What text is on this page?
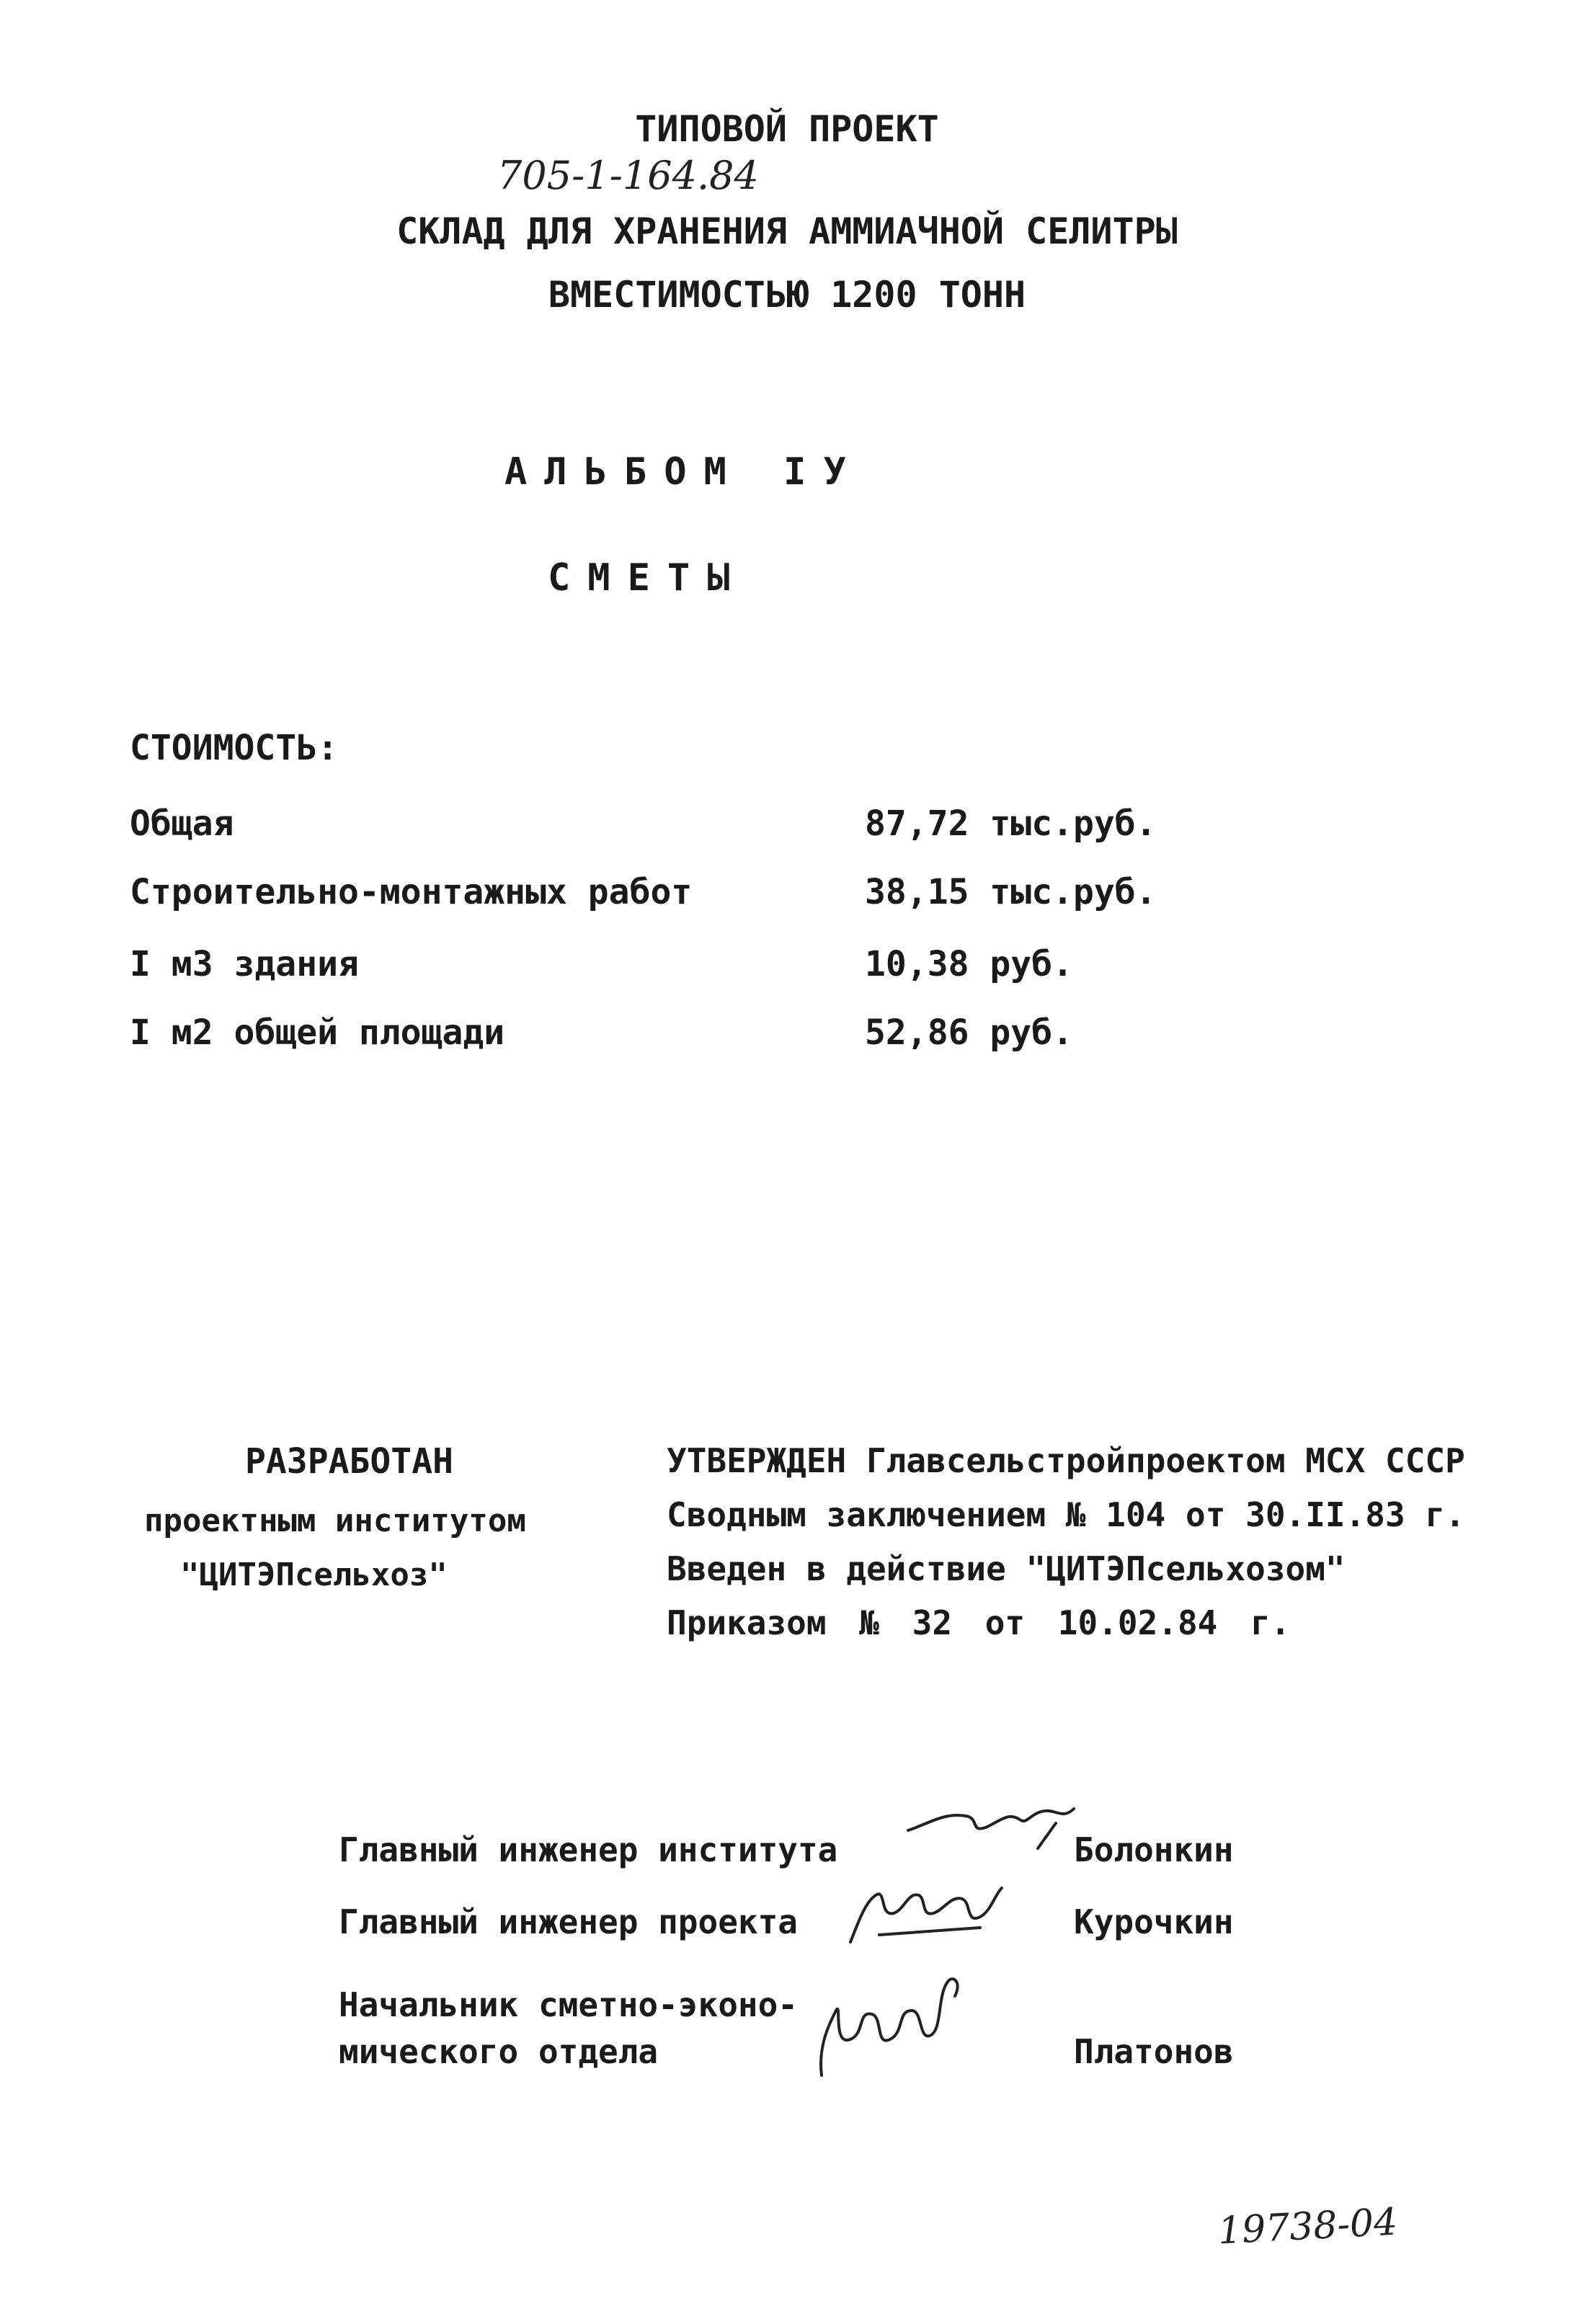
ТИПОВОЙ ПРОЕКТ
705-1-164.84
СКЛАД ДЛЯ ХРАНЕНИЯ АММИАЧНОЙ СЕЛИТРЫ
ВМЕСТИМОСТЬЮ 1200 ТОНН
АЛЬБОМ IУ
СМЕТЫ
СТОИМОСТЬ:
Общая	87,72 тыс.руб.
Строительно-монтажных работ	38,15 тыс.руб.
I м3 здания	10,38 руб.
I м2 общей площади	52,86 руб.
РАЗРАБОТАН
проектным институтом
"ЦИТЭПсельхоз"
УТВЕРЖДЕН Главсельстройпроектом МСХ СССР
Сводным заключением № 104 от 30.II.83 г.
Введен в действие "ЦИТЭПсельхозом"
Приказом № 32 от 10.02.84 г.
Главный инженер института	Болонкин
Главный инженер проекта	Курочкин
Начальник сметно-эконо-
мического отдела	Платонов
19738-04
